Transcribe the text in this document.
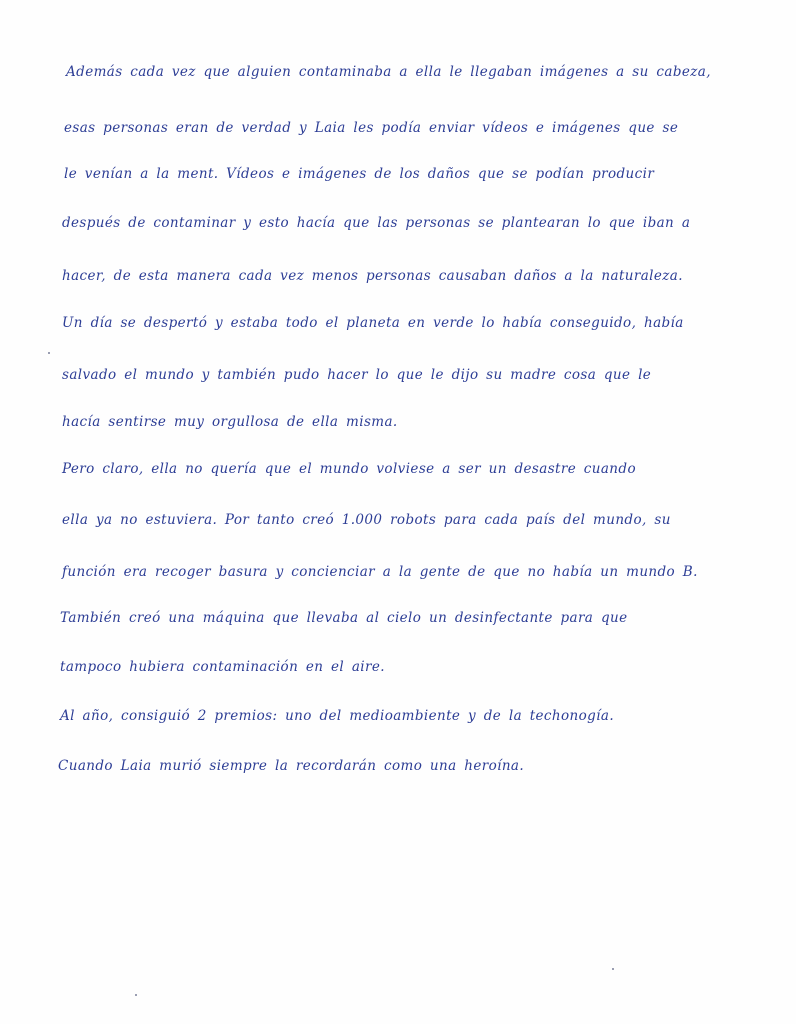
Además cada vez que alguien contaminaba a ella le llegaban imágenes a su cabeza,
esas personas eran de verdad y Laia les podía enviar vídeos e imágenes que se
le venían a la ment. Vídeos e imágenes de los daños que se podían producir
después de contaminar y esto hacía que las personas se plantearan lo que iban a
hacer, de esta manera cada vez menos personas causaban daños a la naturaleza.
Un día se despertó y estaba todo el planeta en verde lo había conseguido, había
salvado el mundo y también pudo hacer lo que le dijo su madre cosa que le
hacía sentirse muy orgullosa de ella misma.
Pero claro, ella no quería que el mundo volviese a ser un desastre cuando
ella ya no estuviera. Por tanto creó 1.000 robots para cada país del mundo, su
función era recoger basura y concienciar a la gente de que no había un mundo B.
También creó una máquina que llevaba al cielo un desinfectante para que
tampoco hubiera contaminación en el aire.
Al año, consiguió 2 premios: uno del medioambiente y de la techonogía.
Cuando Laia murió siempre la recordarán como una heroína.
